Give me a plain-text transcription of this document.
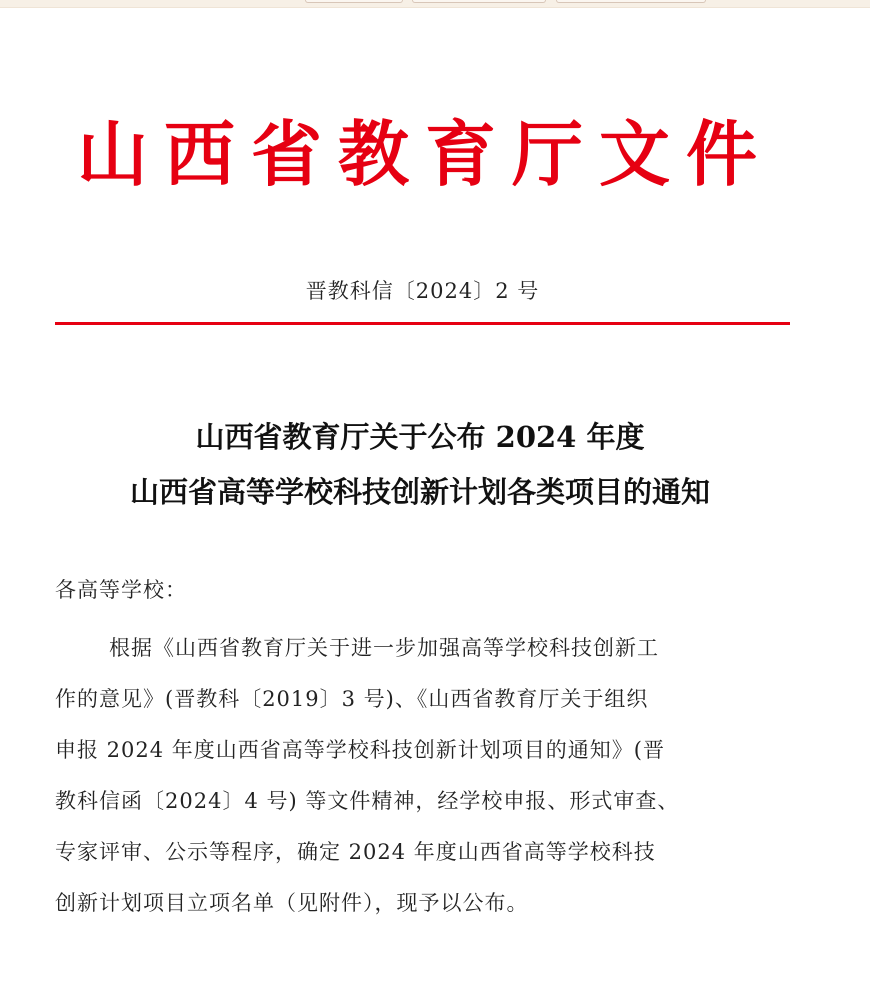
山西省教育厅文件
晋教科信〔2024〕2 号
山西省教育厅关于公布 2024 年度
山西省高等学校科技创新计划各类项目的通知
各高等学校：
根据《山西省教育厅关于进一步加强高等学校科技创新工
作的意见》(晋教科〔2019〕3 号)、《山西省教育厅关于组织
申报 2024 年度山西省高等学校科技创新计划项目的通知》(晋
教科信函〔2024〕4 号) 等文件精神，经学校申报、形式审查、
专家评审、公示等程序，确定 2024 年度山西省高等学校科技
创新计划项目立项名单（见附件），现予以公布。
